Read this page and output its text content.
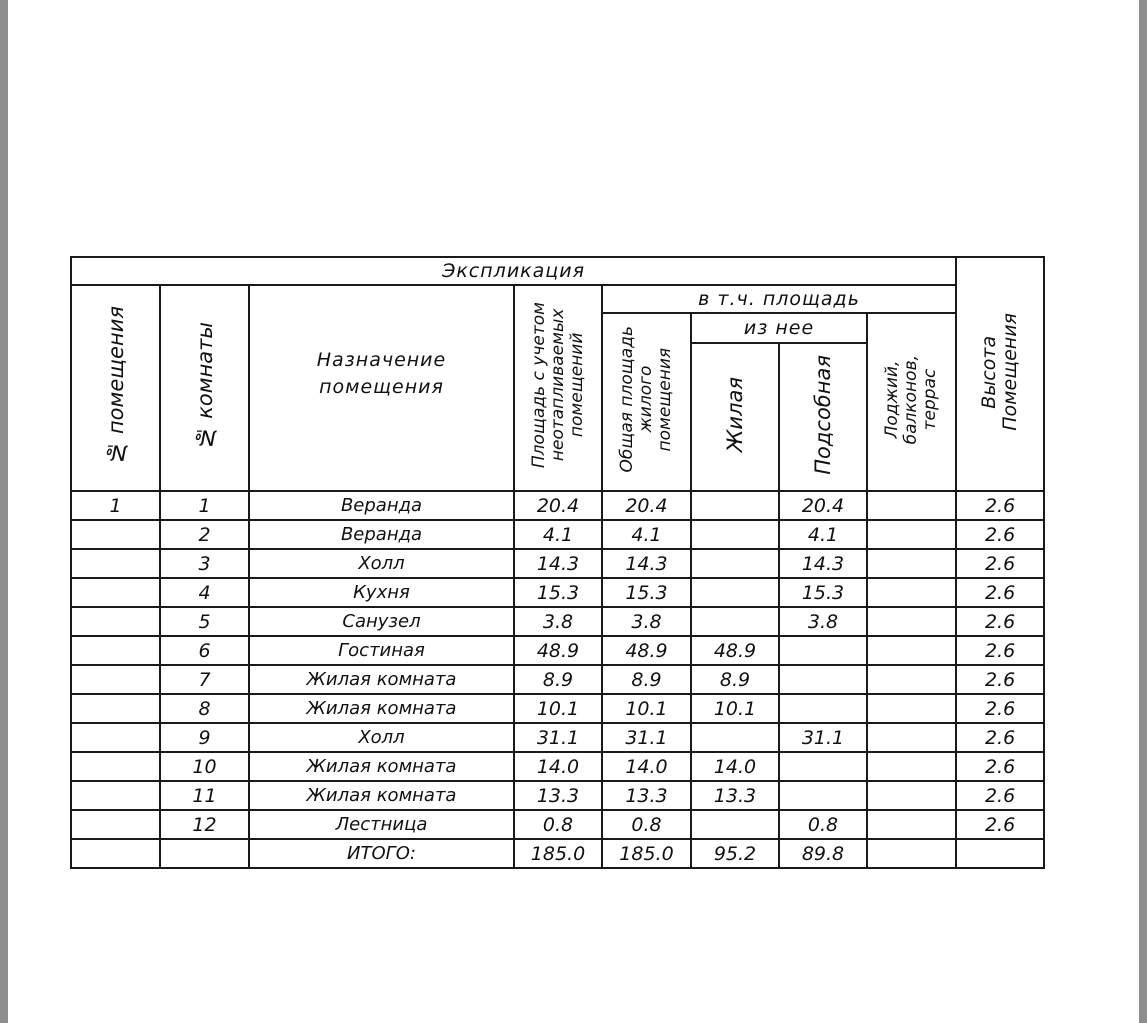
Экспликация								Высота
Помещения
№ помещения	№ комнаты	Назначение
помещения	Площадь с учетом
неотапливаемых
помещений	в т.ч. площадь				
				Общая площадь
жилого
помещения	из нее		Лоджий,
балконов,
террас	
					Жилая	Подсобная		
1	1	Веранда	20.4	20.4		20.4		2.6
	2	Веранда	4.1	4.1		4.1		2.6
	3	Холл	14.3	14.3		14.3		2.6
	4	Кухня	15.3	15.3		15.3		2.6
	5	Санузел	3.8	3.8		3.8		2.6
	6	Гостиная	48.9	48.9	48.9			2.6
	7	Жилая комната	8.9	8.9	8.9			2.6
	8	Жилая комната	10.1	10.1	10.1			2.6
	9	Холл	31.1	31.1		31.1		2.6
	10	Жилая комната	14.0	14.0	14.0			2.6
	11	Жилая комната	13.3	13.3	13.3			2.6
	12	Лестница	0.8	0.8		0.8		2.6
		ИТОГО:	185.0	185.0	95.2	89.8		
